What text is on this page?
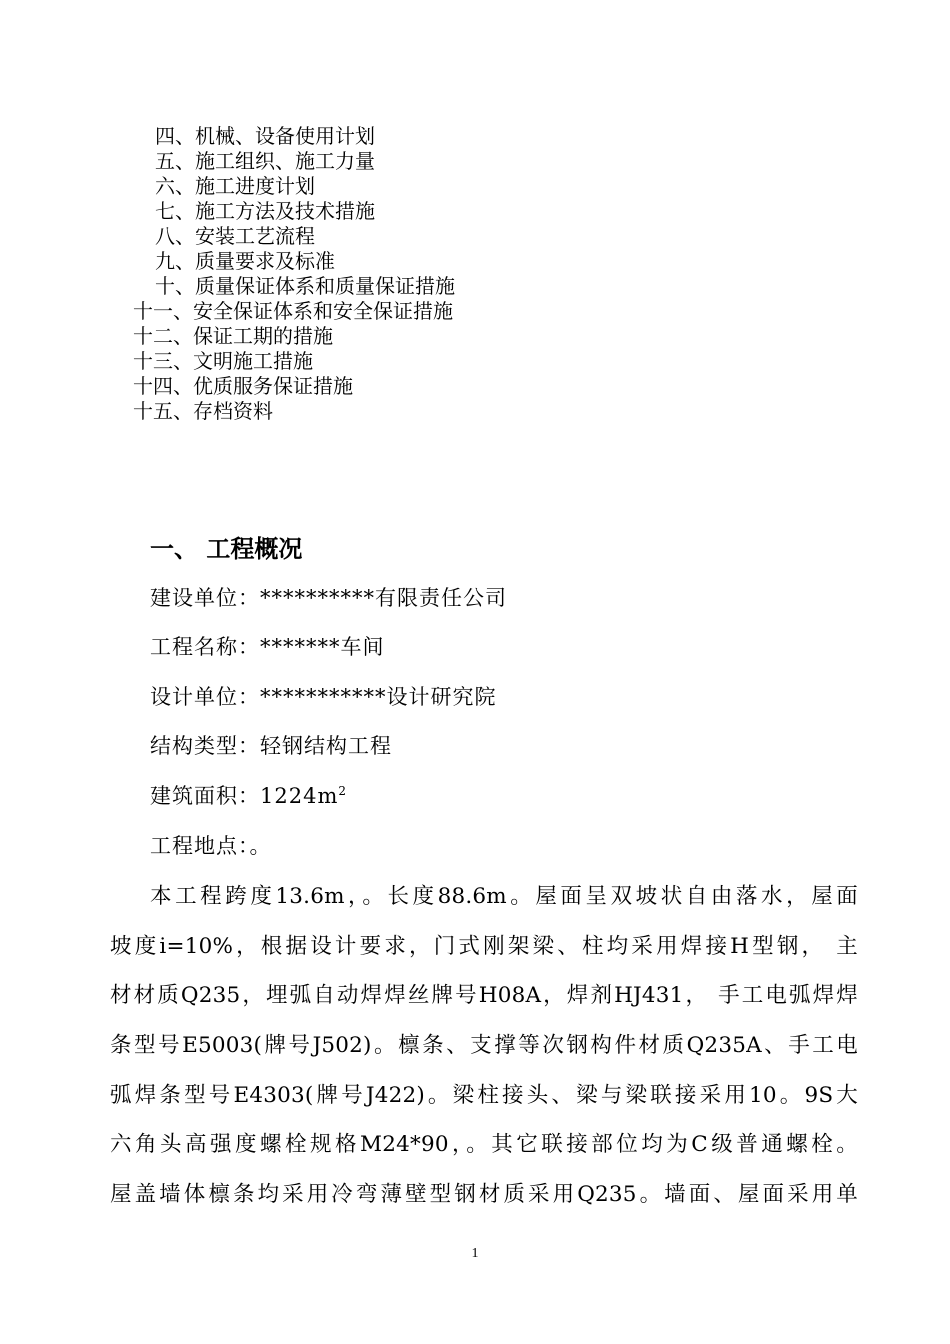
四、机械、设备使用计划
五、施工组织、施工力量
六、施工进度计划
七、施工方法及技术措施
八、安装工艺流程
九、质量要求及标准
十、质量保证体系和质量保证措施
十一、安全保证体系和安全保证措施
十二、保证工期的措施
十三、文明施工措施
十四、优质服务保证措施
十五、存档资料
一、 工程概况
建设单位：**********有限责任公司
工程名称：*******车间
设计单位：***********设计研究院
结构类型：轻钢结构工程
建筑面积：$1224m^2$
工程地点：。
本工程跨度13.6m，。长度88.6m。屋面呈双坡状自由落水，屋面
坡度i=10%，根据设计要求，门式刚架梁、柱均采用焊接H型钢， 主
材材质Q235，埋弧自动焊焊丝牌号H08A，焊剂HJ431， 手工电弧焊焊
条型号E5003(牌号J502)。檩条、支撑等次钢构件材质Q235A、手工电
弧焊条型号E4303(牌号J422)。梁柱接头、梁与梁联接采用10。9S大
六角头高强度螺栓规格M24*90，。其它联接部位均为C级普通螺栓。
屋盖墙体檩条均采用冷弯薄壁型钢材质采用Q235。墙面、屋面采用单
1
